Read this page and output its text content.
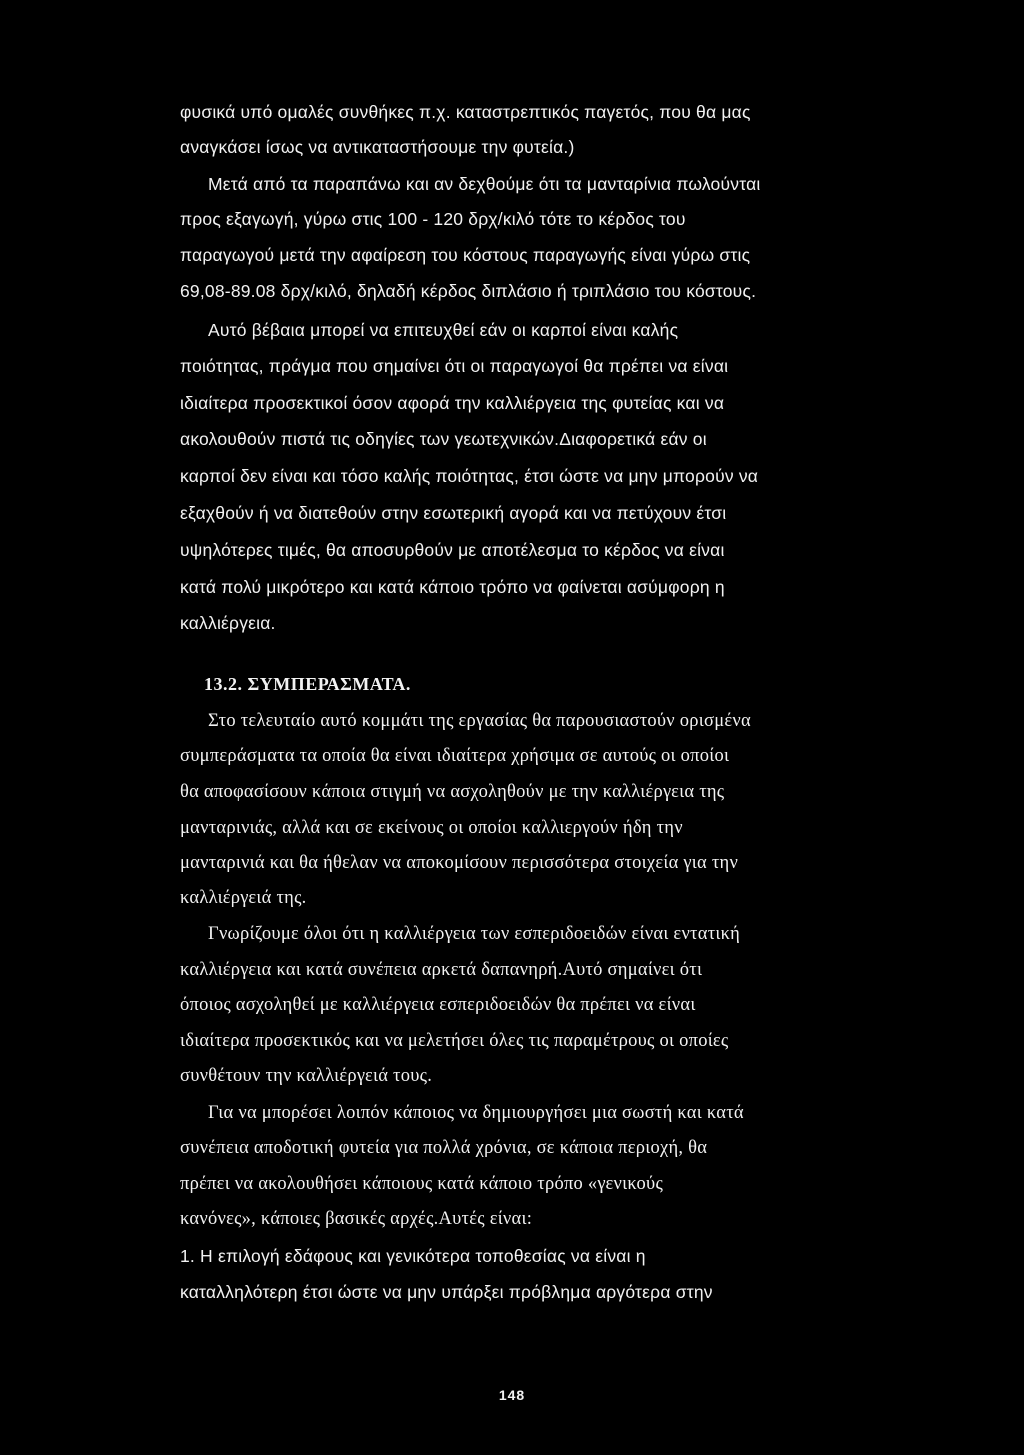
φυσικά υπό ομαλές συνθήκες π.χ. καταστρεπτικός παγετός, που θα μας
αναγκάσει ίσως να αντικαταστήσουμε την φυτεία.)
Μετά από τα παραπάνω και αν δεχθούμε ότι τα μανταρίνια πωλούνται
προς εξαγωγή, γύρω στις 100 - 120 δρχ/κιλό τότε το κέρδος του
παραγωγού μετά την αφαίρεση του κόστους παραγωγής είναι γύρω στις
69,08-89.08 δρχ/κιλό, δηλαδή κέρδος διπλάσιο ή τριπλάσιο του κόστους.
Αυτό βέβαια μπορεί να επιτευχθεί εάν οι καρποί είναι καλής
ποιότητας, πράγμα που σημαίνει ότι οι παραγωγοί θα πρέπει να είναι
ιδιαίτερα προσεκτικοί όσον αφορά την καλλιέργεια της φυτείας και να
ακολουθούν πιστά τις οδηγίες των γεωτεχνικών.Διαφορετικά εάν οι
καρποί δεν είναι και τόσο καλής ποιότητας, έτσι ώστε να μην μπορούν να
εξαχθούν ή να διατεθούν στην εσωτερική αγορά και να πετύχουν έτσι
υψηλότερες τιμές, θα αποσυρθούν με αποτέλεσμα το κέρδος να είναι
κατά πολύ μικρότερο και κατά κάποιο τρόπο να φαίνεται ασύμφορη η
καλλιέργεια.
13.2. ΣΥΜΠΕΡΑΣΜΑΤΑ.
Στο τελευταίο αυτό κομμάτι της εργασίας θα παρουσιαστούν ορισμένα
συμπεράσματα τα οποία θα είναι ιδιαίτερα χρήσιμα σε αυτούς οι οποίοι
θα αποφασίσουν κάποια στιγμή να ασχοληθούν με την καλλιέργεια της
μανταρινιάς, αλλά και σε εκείνους οι οποίοι καλλιεργούν ήδη την
μανταρινιά και θα ήθελαν να αποκομίσουν περισσότερα στοιχεία για την
καλλιέργειά της.
Γνωρίζουμε όλοι ότι η καλλιέργεια των εσπεριδοειδών είναι εντατική
καλλιέργεια και κατά συνέπεια αρκετά δαπανηρή.Αυτό σημαίνει ότι
όποιος ασχοληθεί με καλλιέργεια εσπεριδοειδών θα πρέπει να είναι
ιδιαίτερα προσεκτικός και να μελετήσει όλες τις παραμέτρους οι οποίες
συνθέτουν την καλλιέργειά τους.
Για να μπορέσει λοιπόν κάποιος να δημιουργήσει μια σωστή και κατά
συνέπεια αποδοτική φυτεία για πολλά χρόνια, σε κάποια περιοχή, θα
πρέπει να ακολουθήσει κάποιους κατά κάποιο τρόπο «γενικούς
κανόνες», κάποιες βασικές αρχές.Αυτές είναι:
1. Η επιλογή εδάφους και γενικότερα τοποθεσίας να είναι η
καταλληλότερη έτσι ώστε να μην υπάρξει πρόβλημα αργότερα στην
148
